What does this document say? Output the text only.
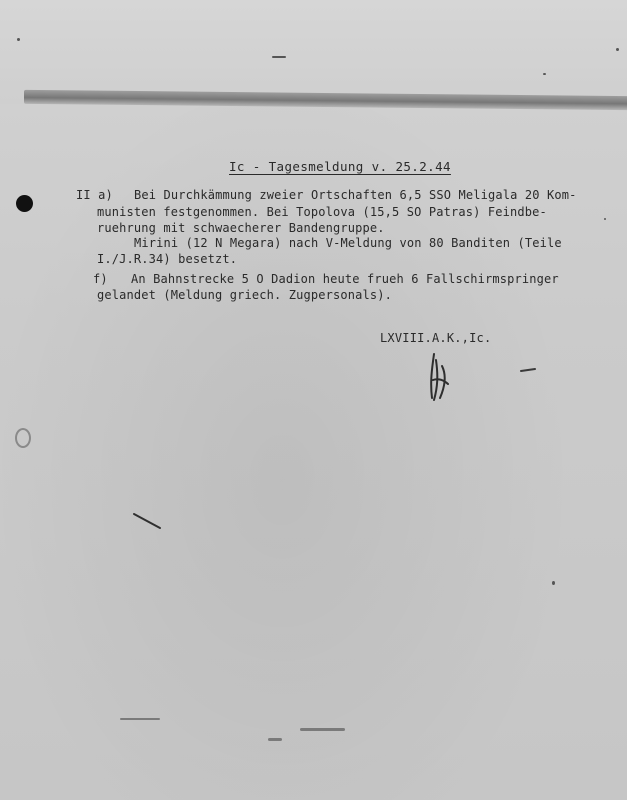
Ic - Tagesmeldung v. 25.2.44

II a) Bei Durchkämmung zweier Ortschaften 6,5 SSO Meligala 20 Kom-

munisten festgenommen. Bei Topolova (15,5 SO Patras) Feindbe-

ruehrung mit schwaecherer Bandengruppe.

Mirini (12 N Megara) nach V-Meldung von 80 Banditen (Teile

I./J.R.34) besetzt.

f) An Bahnstrecke 5 O Dadion heute frueh 6 Fallschirmspringer

gelandet (Meldung griech. Zugpersonals).

LXVIII.A.K.,Ic.
